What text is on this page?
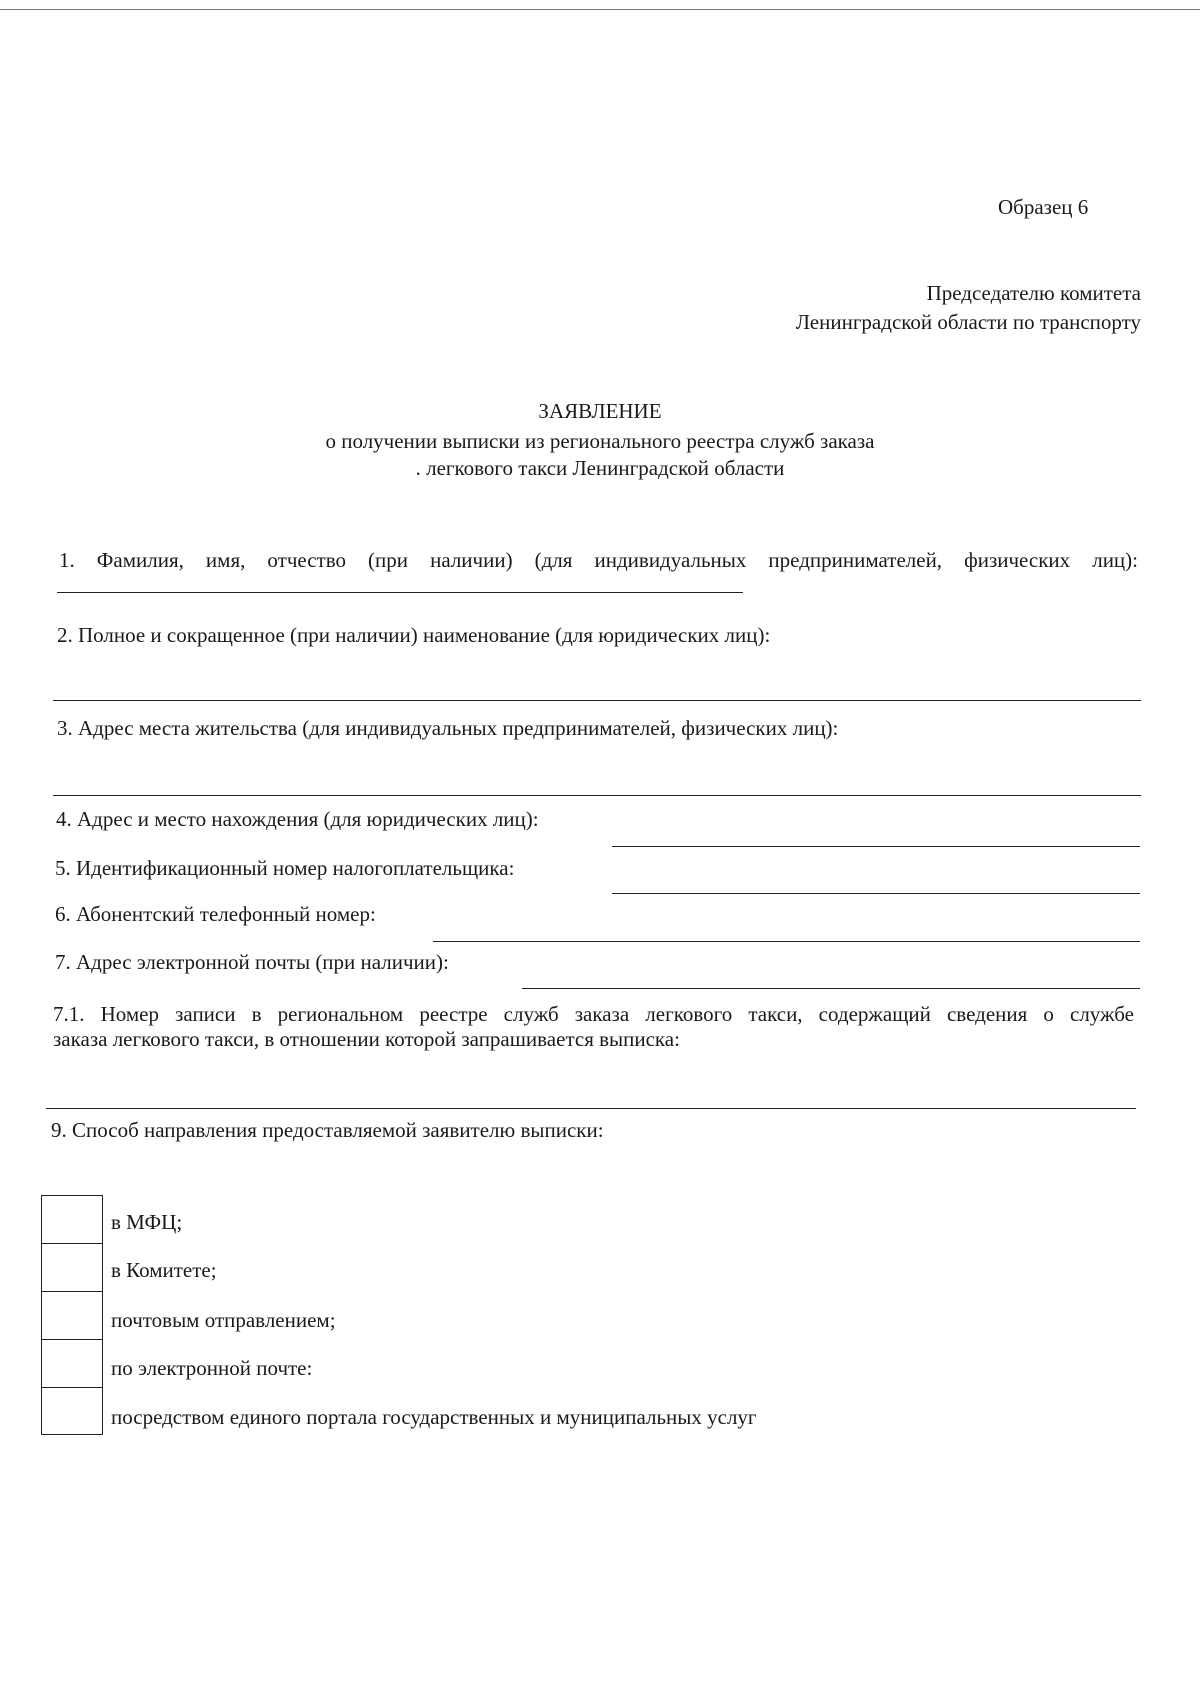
Образец 6
Председателю комитета
Ленинградской области по транспорту
ЗАЯВЛЕНИЕ
о получении выписки из регионального реестра служб заказа
. легкового такси Ленинградской области
1. Фамилия, имя, отчество (при наличии) (для индивидуальных предпринимателей, физических лиц):
2. Полное и сокращенное (при наличии) наименование (для юридических лиц):
3. Адрес места жительства (для индивидуальных предпринимателей, физических лиц):
4. Адрес и место нахождения (для юридических лиц):
5. Идентификационный номер налогоплательщика:
6. Абонентский телефонный номер:
7. Адрес электронной почты (при наличии):
7.1. Номер записи в региональном реестре служб заказа легкового такси, содержащий сведения о службе
заказа легкового такси, в отношении которой запрашивается выписка:
9. Способ направления предоставляемой заявителю выписки:
в МФЦ;
в Комитете;
почтовым отправлением;
по электронной почте:
посредством единого портала государственных и муниципальных услуг
